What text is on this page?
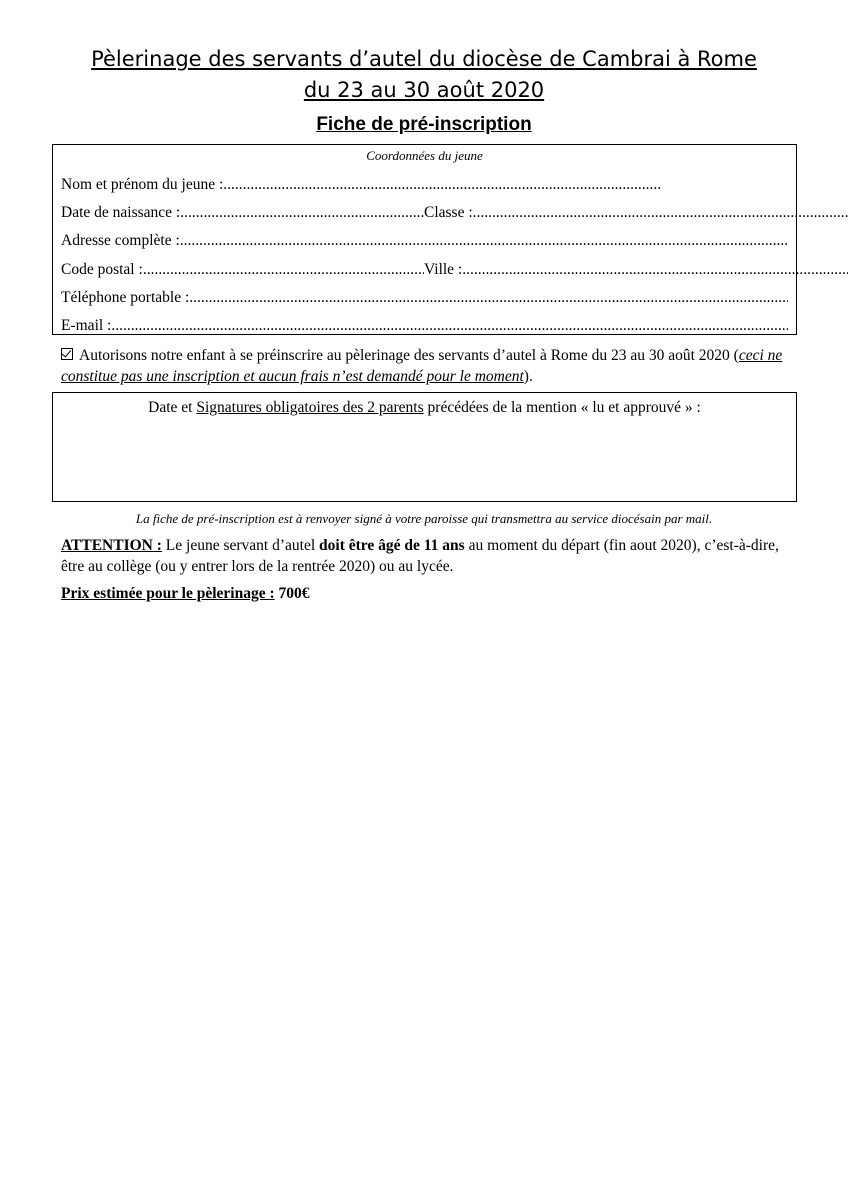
Pèlerinage des servants d’autel du diocèse de Cambrai à Rome
du 23 au 30 août 2020
Fiche de pré-inscription
Coordonnées du jeune
Nom et prénom du jeune :
.....
Date de naissance : .....	Classe :
.....
Adresse complète :
.....
Code postal : .....	Ville :
.....
Téléphone portable :
.....
E-mail :
.....
Autorisons notre enfant à se préinscrire au pèlerinage des servants d’autel à Rome du 23 au 30 août 2020 (ceci ne constitue pas une inscription et aucun frais n’est demandé pour le moment).
Date et Signatures obligatoires des 2 parents précédées de la mention « lu et approuvé » :
La fiche de pré-inscription est à renvoyer signé à votre paroisse qui transmettra au service diocésain par mail.
ATTENTION : Le jeune servant d’autel doit être âgé de 11 ans au moment du départ (fin aout 2020), c’est-à-dire, être au collège (ou y entrer lors de la rentrée 2020) ou au lycée.
Prix estimée pour le pèlerinage : 700€
